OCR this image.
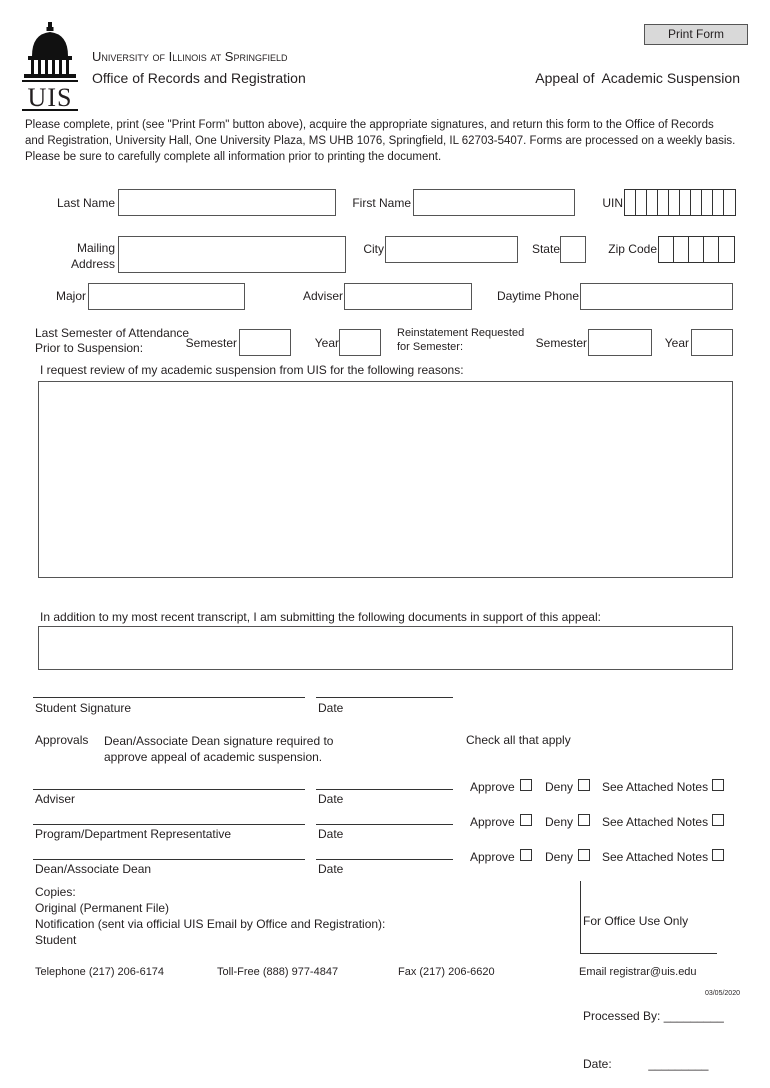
Print Form
UIS
University of Illinois at Springfield
Office of Records and Registration	Appeal of  Academic Suspension
Please complete, print (see "Print Form" button above), acquire the appropriate signatures, and return this form to the Office of Records
and Registration, University Hall, One University Plaza, MS UHB 1076, Springfield, IL 62703-5407. Forms are processed on a weekly basis.
Please be sure to carefully complete all information prior to printing the document.
Last Name	First Name	UIN
Mailing
Address
City	State	Zip Code
Major	Adviser	Daytime Phone
Last Semester of Attendance
Prior to Suspension:	Semester	Year
Reinstatement Requested
for Semester:	Semester	Year
I request review of my academic suspension from UIS for the following reasons:
In addition to my most recent transcript, I am submitting the following documents in support of this appeal:
Student Signature	Date
Approvals Dean/Associate Dean signature required to
approve appeal of academic suspension.
Check all that apply
Adviser	Date
Approve	Deny See Attached Notes
Program/Department Representative	Date
Approve	Deny See Attached Notes
Dean/Associate Dean	Date
Approve	Deny See Attached Notes
Copies:
Original (Permanent File)
Notification (sent via official UIS Email by Office and Registration):
Student

For Office Use Only

Processed By: _________

Date:           _________

Telephone (217) 206-6174	Toll-Free (888) 977-4847	Fax (217) 206-6620	Email registrar@uis.edu
03/05/2020
